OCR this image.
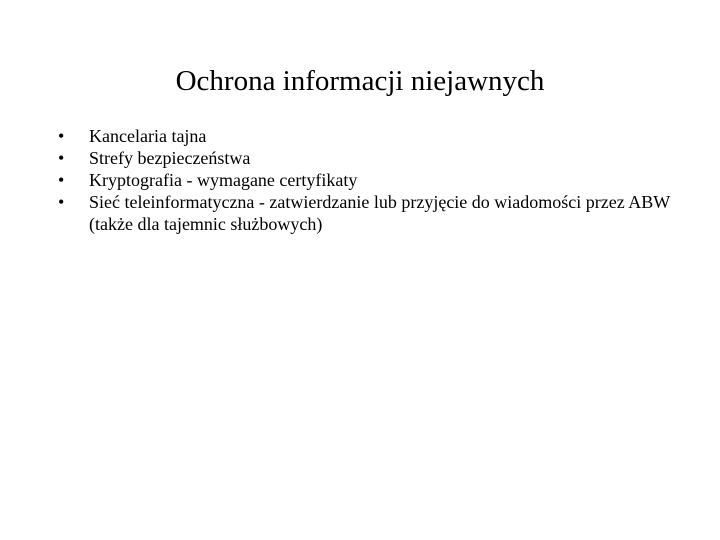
Ochrona informacji niejawnych
•	Kancelaria tajna
•	Strefy bezpieczeństwa
•	Kryptografia - wymagane certyfikaty
•	Sieć teleinformatyczna - zatwierdzanie lub przyjęcie do wiadomości przez ABW (także dla tajemnic służbowych)
